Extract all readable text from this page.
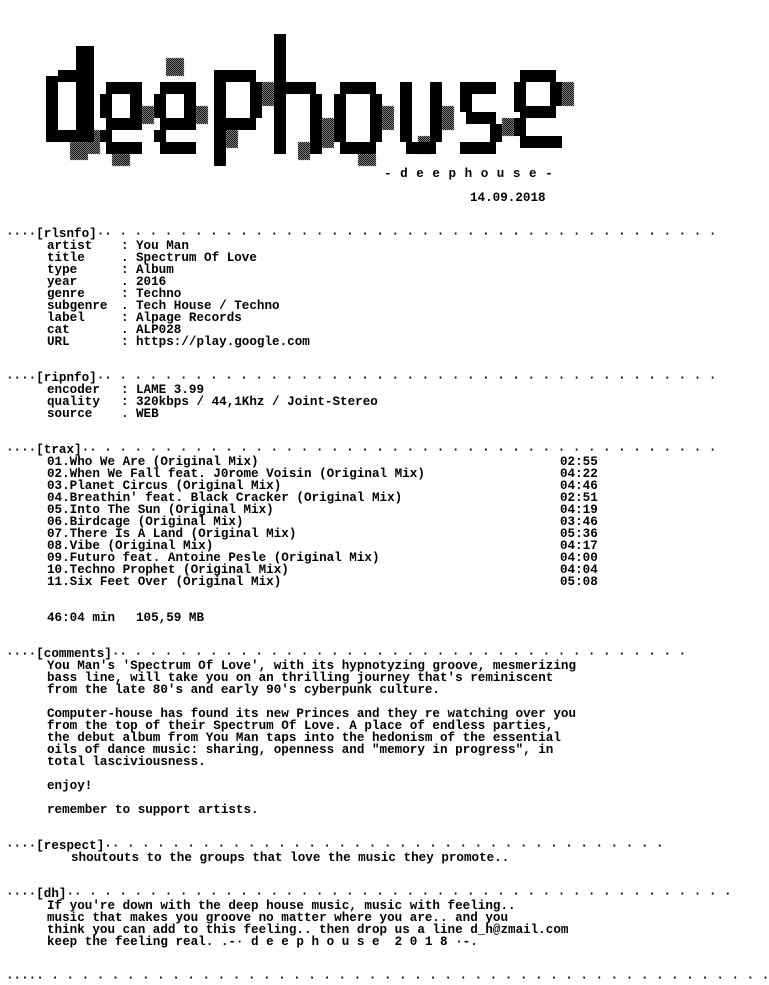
- d e e p h o u s e -
14.09.2018

····[rlsnfo]·· · · · · · · · · · · · · · · · · · · · · · · · · · · · · · · · · · · · · · · · ·

artist : You Man
title	. Spectrum Of Love
type	: Album
year	. 2016
genre	: Techno
subgenre . Tech House / Techno
label	: Alpage Records
cat	. ALP028
URL	: https://play.google.com

····[ripnfo]·· · · · · · · · · · · · · · · · · · · · · · · · · · · · · · · · · · · · · · · · ·

encoder : LAME 3.99
quality : 320kbps / 44,1Khz / Joint-Stereo
source . WEB

····[trax]·· · · · · · · · · · · · · · · · · · · · · · · · · · · · · · · · · · · · · · · · · ·

01.Who We Are (Original Mix)	02:55
02.When We Fall feat. J0rome Voisin (Original Mix)	04:22
03.Planet Circus (Original Mix)	04:46
04.Breathin' feat. Black Cracker (Original Mix)	02:51
05.Into The Sun (Original Mix)	04:19
06.Birdcage (Original Mix)	03:46
07.There Is A Land (Original Mix)	05:36
08.Vibe (Original Mix)	04:17
09.Futuro feat. Antoine Pesle (Original Mix)	04:00
10.Techno Prophet (Original Mix)	04:04
11.Six Feet Over (Original Mix)	05:08
46:04 min 105,59 MB

····[comments]·· · · · · · · · · · · · · · · · · · · · · · · · · · · · · · · · · · · · · ·

You Man's 'Spectrum Of Love', with its hypnotyzing groove, mesmerizing
bass line, will take you on an thrilling journey that's reminiscent
from the late 80's and early 90's cyberpunk culture.
Computer-house has found its new Princes and they re watching over you
from the top of their Spectrum Of Love. A place of endless parties,
the debut album from You Man taps into the hedonism of the essential
oils of dance music: sharing, openness and "memory in progress", in
total lasciviousness.
enjoy!
remember to support artists.

····[respect]·· · · · · · · · · · · · · · · · · · · · · · · · · · · · · · · · · · · · ·

shoutouts to the groups that love the music they promote..

····[dh]·· · · · · · · · · · · · · · · · · · · · · · · · · · · · · · · · · · · · · · · · · · · ·

If you're down with the deep house music, music with feeling..
music that makes you groove no matter where you are.. and you
think you can add to this feeling.. then drop us a line d_h@zmail.com
keep the feeling real. .-· d e e p h o u s e  2 0 1 8 ·-.

····· · · · · · · · · · · · · · · · · · · · · · · · · · · · · · · · · · · · · · · · · · · · · · · · ·
